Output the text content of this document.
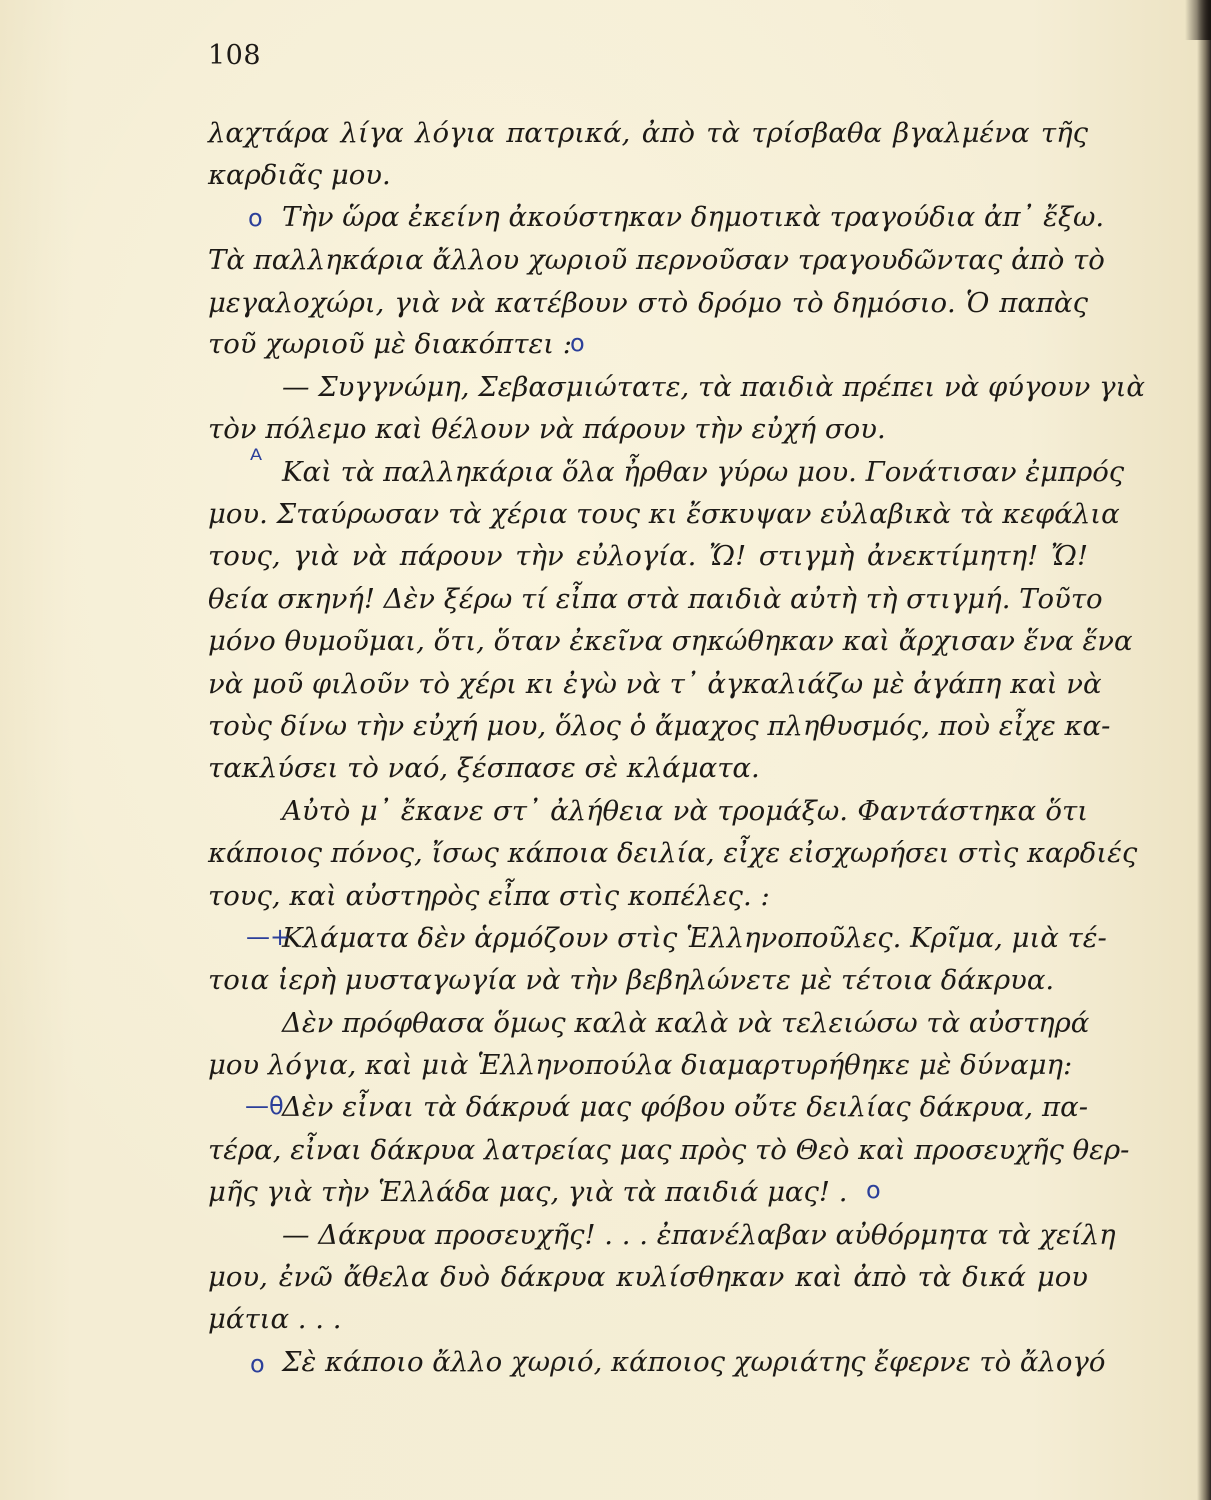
108
λαχτάρα λίγα λόγια πατρικά, ἀπὸ τὰ τρίσβαθα βγαλμένα τῆς
καρδιᾶς μου.
Τὴν ὥρα ἐκείνη ἀκούστηκαν δημοτικὰ τραγούδια ἀπ᾽ ἔξω.
Τὰ παλληκάρια ἄλλου χωριοῦ περνοῦσαν τραγουδῶντας ἀπὸ τὸ
μεγαλοχώρι, γιὰ νὰ κατέβουν στὸ δρόμο τὸ δημόσιο. Ὁ παπὰς
τοῦ χωριοῦ μὲ διακόπτει :
— Συγγνώμη, Σεβασμιώτατε, τὰ παιδιὰ πρέπει νὰ φύγουν γιὰ
τὸν πόλεμο καὶ θέλουν νὰ πάρουν τὴν εὐχή σου.
Καὶ τὰ παλληκάρια ὅλα ἦρθαν γύρω μου. Γονάτισαν ἐμπρός
μου. Σταύρωσαν τὰ χέρια τους κι ἔσκυψαν εὐλαβικὰ τὰ κεφάλια
τους, γιὰ νὰ πάρουν τὴν εὐλογία. Ὤ! στιγμὴ ἀνεκτίμητη! Ὤ!
θεία σκηνή! Δὲν ξέρω τί εἶπα στὰ παιδιὰ αὐτὴ τὴ στιγμή. Τοῦτο
μόνο θυμοῦμαι, ὅτι, ὅταν ἐκεῖνα σηκώθηκαν καὶ ἄρχισαν ἕνα ἕνα
νὰ μοῦ φιλοῦν τὸ χέρι κι ἐγὼ νὰ τ᾽ ἀγκαλιάζω μὲ ἀγάπη καὶ νὰ
τοὺς δίνω τὴν εὐχή μου, ὅλος ὁ ἄμαχος πληθυσμός, ποὺ εἶχε κα-
τακλύσει τὸ ναό, ξέσπασε σὲ κλάματα.
Αὐτὸ μ᾽ ἔκανε στ᾽ ἀλήθεια νὰ τρομάξω. Φαντάστηκα ὅτι
κάποιος πόνος, ἴσως κάποια δειλία, εἶχε εἰσχωρήσει στὶς καρδιές
τους, καὶ αὐστηρὸς εἶπα στὶς κοπέλες. :
Κλάματα δὲν ἁρμόζουν στὶς Ἑλληνοποῦλες. Κρῖμα, μιὰ τέ-
τοια ἱερὴ μυσταγωγία νὰ τὴν βεβηλώνετε μὲ τέτοια δάκρυα.
Δὲν πρόφθασα ὅμως καλὰ καλὰ νὰ τελειώσω τὰ αὐστηρά
μου λόγια, καὶ μιὰ Ἑλληνοπούλα διαμαρτυρήθηκε μὲ δύναμη:
Δὲν εἶναι τὰ δάκρυά μας φόβου οὔτε δειλίας δάκρυα, πα-
τέρα, εἶναι δάκρυα λατρείας μας πρὸς τὸ Θεὸ καὶ προσευχῆς θερ-
μῆς γιὰ τὴν Ἑλλάδα μας, γιὰ τὰ παιδιά μας! .
— Δάκρυα προσευχῆς! . . . ἐπανέλαβαν αὐθόρμητα τὰ χείλη
μου, ἐνῶ ἄθελα δυὸ δάκρυα κυλίσθηκαν καὶ ἀπὸ τὰ δικά μου
μάτια . . .
Σὲ κάποιο ἄλλο χωριό, κάποιος χωριάτης ἔφερνε τὸ ἄλογό
ο
ο
ᴬ
—+
—θ
ο
ο
